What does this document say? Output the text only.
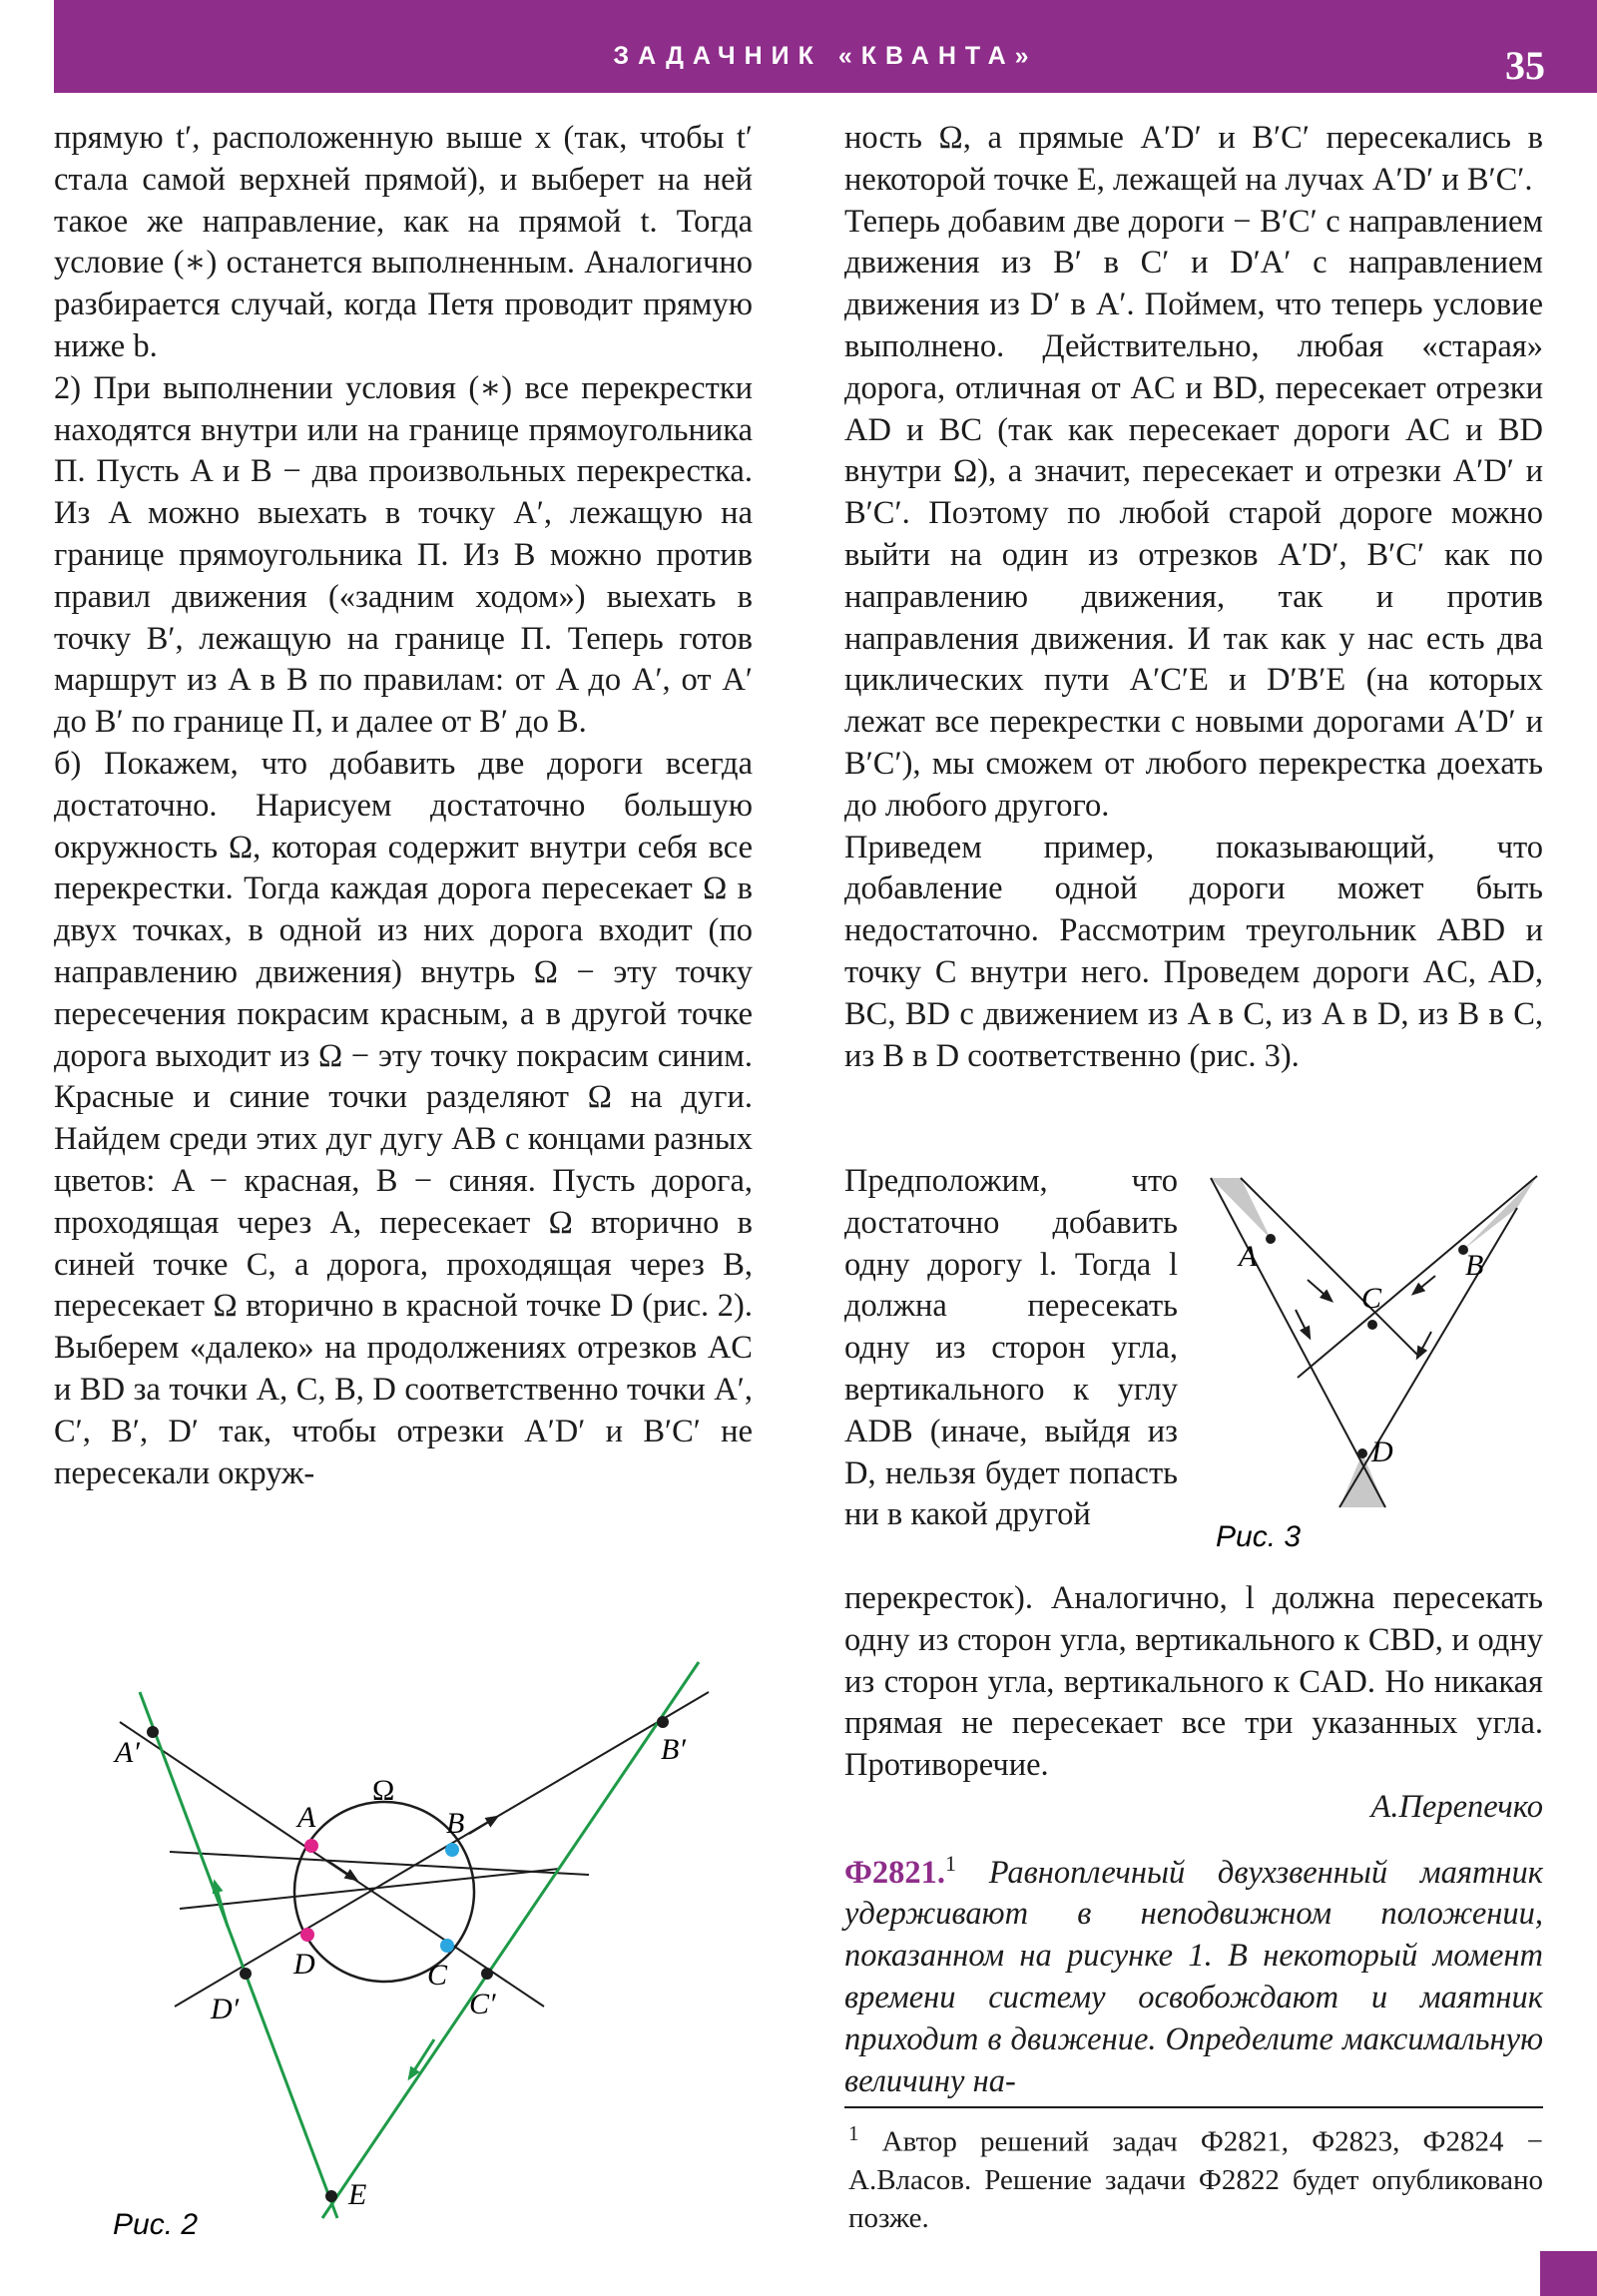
ЗАДАЧНИК «КВАНТА»	35

прямую t′, расположенную выше x (так, чтобы t′ стала самой верхней прямой), и выберет на ней такое же направление, как на прямой t. Тогда условие (∗) останется выполненным. Аналогично разбирается случай, когда Петя проводит прямую ниже b.

2) При выполнении условия (∗) все перекрестки находятся внутри или на границе прямоугольника Π. Пусть A и B − два произвольных перекрестка. Из A можно выехать в точку A′, лежащую на границе прямоугольника Π. Из B можно против правил движения («задним ходом») выехать в точку B′, лежащую на границе Π. Теперь готов маршрут из A в B по правилам: от A до A′, от A′ до B′ по границе Π, и далее от B′ до B.

б) Покажем, что добавить две дороги всегда достаточно. Нарисуем достаточно большую окружность Ω, которая содержит внутри себя все перекрестки. Тогда каждая дорога пересекает Ω в двух точках, в одной из них дорога входит (по направлению движения) внутрь Ω − эту точку пересечения покрасим красным, а в другой точке дорога выходит из Ω − эту точку покрасим синим. Красные и синие точки разделяют Ω на дуги. Найдем среди этих дуг дугу AB с концами разных цветов: A − красная, B − синяя. Пусть дорога, проходящая через A, пересекает Ω вторично в синей точке C, а дорога, проходящая через B, пересекает Ω вторично в красной точке D (рис. 2). Выберем «далеко» на продолжениях отрезков AC и BD за точки A, C, B, D соответственно точки A′, C′, B′, D′ так, чтобы отрезки A′D′ и B′C′ не пересекали окруж-

A′	B′
D′	C′
A	B
D	C
E
Ω
Рис. 2

ность Ω, а прямые A′D′ и B′C′ пересекались в некоторой точке E, лежащей на лучах A′D′ и B′C′.

Теперь добавим две дороги − B′C′ с направлением движения из B′ в C′ и D′A′ с направлением движения из D′ в A′. Поймем, что теперь условие выполнено. Действительно, любая «старая» дорога, отличная от AC и BD, пересекает отрезки AD и BC (так как пересекает дороги AC и BD внутри Ω), а значит, пересекает и отрезки A′D′ и B′C′. Поэтому по любой старой дороге можно выйти на один из отрезков A′D′, B′C′ как по направлению движения, так и против направления движения. И так как у нас есть два циклических пути A′C′E и D′B′E (на которых лежат все перекрестки с новыми дорогами A′D′ и B′C′), мы сможем от любого перекрестка доехать до любого другого.

Приведем пример, показывающий, что добавление одной дороги может быть недостаточно. Рассмотрим треугольник ABD и точку C внутри него. Проведем дороги AC, AD, BC, BD с движением из A в C, из A в D, из B в C, из B в D соответственно (рис. 3).

Предположим, что достаточно добавить одну дорогу l. Тогда l должна пересекать одну из сторон угла, вертикального к углу ADB (иначе, выйдя из D, нельзя будет попасть ни в какой другой

A	B
C
D
Рис. 3

перекресток). Аналогично, l должна пересекать одну из сторон угла, вертикального к CBD, и одну из сторон угла, вертикального к CAD. Но никакая прямая не пересекает все три указанных угла. Противоречие.

А.Перепечко

Ф2821.$^1$ Равноплечный двухзвенный маятник удерживают в неподвижном положении, показанном на рисунке 1. В некоторый момент времени систему освобождают и маятник приходит в движение. Определите максимальную величину на-

$^1$ Автор решений задач Ф2821, Ф2823, Ф2824 − А.Власов. Решение задачи Ф2822 будет опубликовано позже.
